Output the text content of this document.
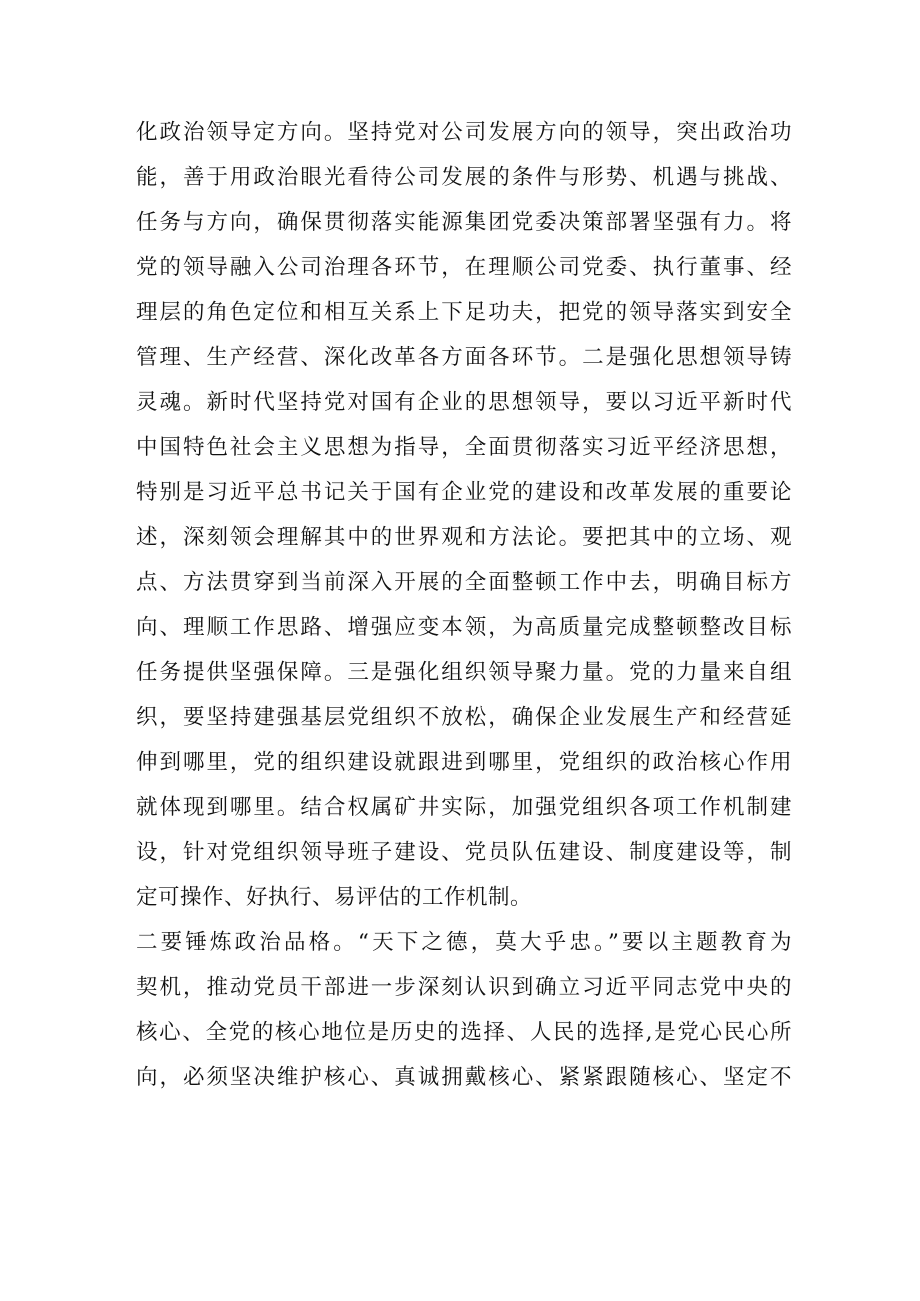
化政治领导定方向。坚持党对公司发展方向的领导，突出政治功
能，善于用政治眼光看待公司发展的条件与形势、机遇与挑战、
任务与方向，确保贯彻落实能源集团党委决策部署坚强有力。将
党的领导融入公司治理各环节，在理顺公司党委、执行董事、经
理层的角色定位和相互关系上下足功夫，把党的领导落实到安全
管理、生产经营、深化改革各方面各环节。二是强化思想领导铸
灵魂。新时代坚持党对国有企业的思想领导，要以习近平新时代
中国特色社会主义思想为指导，全面贯彻落实习近平经济思想，
特别是习近平总书记关于国有企业党的建设和改革发展的重要论
述，深刻领会理解其中的世界观和方法论。要把其中的立场、观
点、方法贯穿到当前深入开展的全面整顿工作中去，明确目标方
向、理顺工作思路、增强应变本领，为高质量完成整顿整改目标
任务提供坚强保障。三是强化组织领导聚力量。党的力量来自组
织，要坚持建强基层党组织不放松，确保企业发展生产和经营延
伸到哪里，党的组织建设就跟进到哪里，党组织的政治核心作用
就体现到哪里。结合权属矿井实际，加强党组织各项工作机制建
设，针对党组织领导班子建设、党员队伍建设、制度建设等，制
定可操作、好执行、易评估的工作机制。
二要锤炼政治品格。“天下之德，莫大乎忠。”要以主题教育为
契机，推动党员干部进一步深刻认识到确立习近平同志党中央的
核心、全党的核心地位是历史的选择、人民的选择,是党心民心所
向，必须坚决维护核心、真诚拥戴核心、紧紧跟随核心、坚定不
